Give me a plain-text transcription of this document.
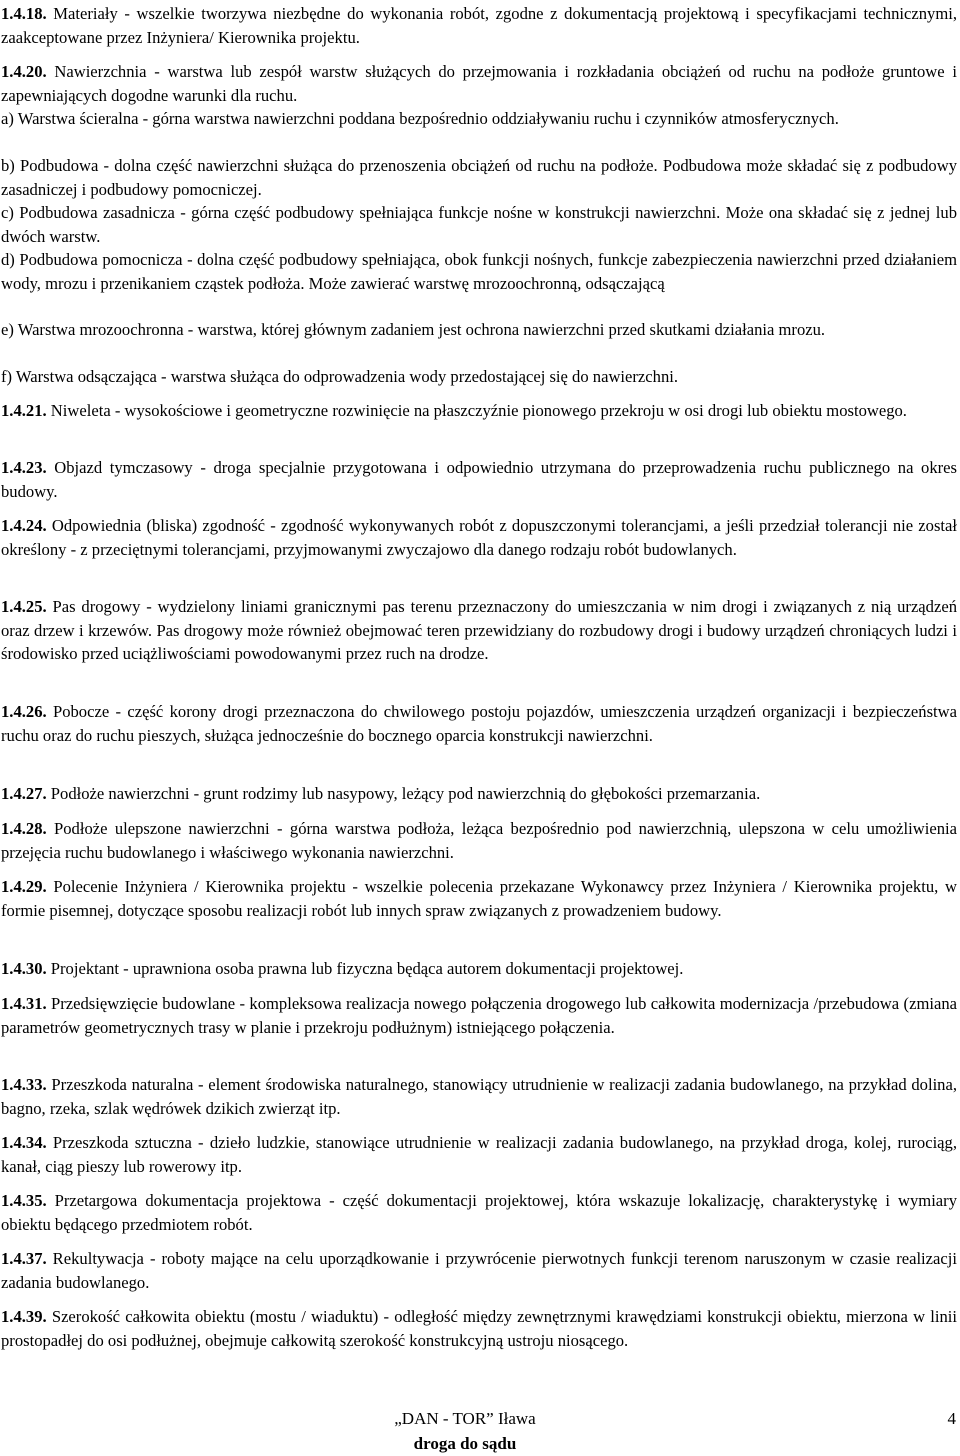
1.4.18. Materiały - wszelkie tworzywa niezbędne do wykonania robót, zgodne z dokumentacją projektową i specyfikacjami technicznymi, zaakceptowane przez Inżyniera/ Kierownika projektu.
1.4.20. Nawierzchnia - warstwa lub zespół warstw służących do przejmowania i rozkładania obciążeń od ruchu na podłoże gruntowe i zapewniających dogodne warunki dla ruchu.
a) Warstwa ścieralna - górna warstwa nawierzchni poddana bezpośrednio oddziaływaniu ruchu i czynników atmosferycznych.
b) Podbudowa - dolna część nawierzchni służąca do przenoszenia obciążeń od ruchu na podłoże. Podbudowa może składać się z podbudowy zasadniczej i podbudowy pomocniczej.
c) Podbudowa zasadnicza - górna część podbudowy spełniająca funkcje nośne w konstrukcji nawierzchni. Może ona składać się z jednej lub dwóch warstw.
d) Podbudowa pomocnicza - dolna część podbudowy spełniająca, obok funkcji nośnych, funkcje zabezpieczenia nawierzchni przed działaniem wody, mrozu i przenikaniem cząstek podłoża. Może zawierać warstwę mrozoochronną, odsączającą
e) Warstwa mrozoochronna - warstwa, której głównym zadaniem jest ochrona nawierzchni przed skutkami działania mrozu.
f) Warstwa odsączająca - warstwa służąca do odprowadzenia wody przedostającej się do nawierzchni.
1.4.21. Niweleta - wysokościowe i geometryczne rozwinięcie na płaszczyźnie pionowego przekroju w osi drogi lub obiektu mostowego.
1.4.23. Objazd tymczasowy - droga specjalnie przygotowana i odpowiednio utrzymana do przeprowadzenia ruchu publicznego na okres budowy.
1.4.24. Odpowiednia (bliska) zgodność - zgodność wykonywanych robót z dopuszczonymi tolerancjami, a jeśli przedział tolerancji nie został określony - z przeciętnymi tolerancjami, przyjmowanymi zwyczajowo dla danego rodzaju robót budowlanych.
1.4.25. Pas drogowy - wydzielony liniami granicznymi pas terenu przeznaczony do umieszczania w nim drogi i związanych z nią urządzeń oraz drzew i krzewów. Pas drogowy może również obejmować teren przewidziany do rozbudowy drogi i budowy urządzeń chroniących ludzi i środowisko przed uciążliwościami powodowanymi przez ruch na drodze.
1.4.26. Pobocze - część korony drogi przeznaczona do chwilowego postoju pojazdów, umieszczenia urządzeń organizacji i bezpieczeństwa ruchu oraz do ruchu pieszych, służąca jednocześnie do bocznego oparcia konstrukcji nawierzchni.
1.4.27. Podłoże nawierzchni - grunt rodzimy lub nasypowy, leżący pod nawierzchnią do głębokości przemarzania.
1.4.28. Podłoże ulepszone nawierzchni - górna warstwa podłoża, leżąca bezpośrednio pod nawierzchnią, ulepszona w celu umożliwienia przejęcia ruchu budowlanego i właściwego wykonania nawierzchni.
1.4.29. Polecenie Inżyniera / Kierownika projektu - wszelkie polecenia przekazane Wykonawcy przez Inżyniera / Kierownika projektu, w formie pisemnej, dotyczące sposobu realizacji robót lub innych spraw związanych z prowadzeniem budowy.
1.4.30. Projektant - uprawniona osoba prawna lub fizyczna będąca autorem dokumentacji projektowej.
1.4.31. Przedsięwzięcie budowlane - kompleksowa realizacja nowego połączenia drogowego lub całkowita modernizacja /przebudowa (zmiana parametrów geometrycznych trasy w planie i przekroju podłużnym) istniejącego połączenia.
1.4.33. Przeszkoda naturalna - element środowiska naturalnego, stanowiący utrudnienie w realizacji zadania budowlanego, na przykład dolina, bagno, rzeka, szlak wędrówek dzikich zwierząt itp.
1.4.34. Przeszkoda sztuczna - dzieło ludzkie, stanowiące utrudnienie w realizacji zadania budowlanego, na przykład droga, kolej, rurociąg, kanał, ciąg pieszy lub rowerowy itp.
1.4.35. Przetargowa dokumentacja projektowa - część dokumentacji projektowej, która wskazuje lokalizację, charakterystykę i wymiary obiektu będącego przedmiotem robót.
1.4.37. Rekultywacja - roboty mające na celu uporządkowanie i przywrócenie pierwotnych funkcji terenom naruszonym w czasie realizacji zadania budowlanego.
1.4.39. Szerokość całkowita obiektu (mostu / wiaduktu) - odległość między zewnętrznymi krawędziami konstrukcji obiektu, mierzona w linii prostopadłej do osi podłużnej, obejmuje całkowitą szerokość konstrukcyjną ustroju niosącego.
„DAN - TOR” Iława
droga do sądu
4
